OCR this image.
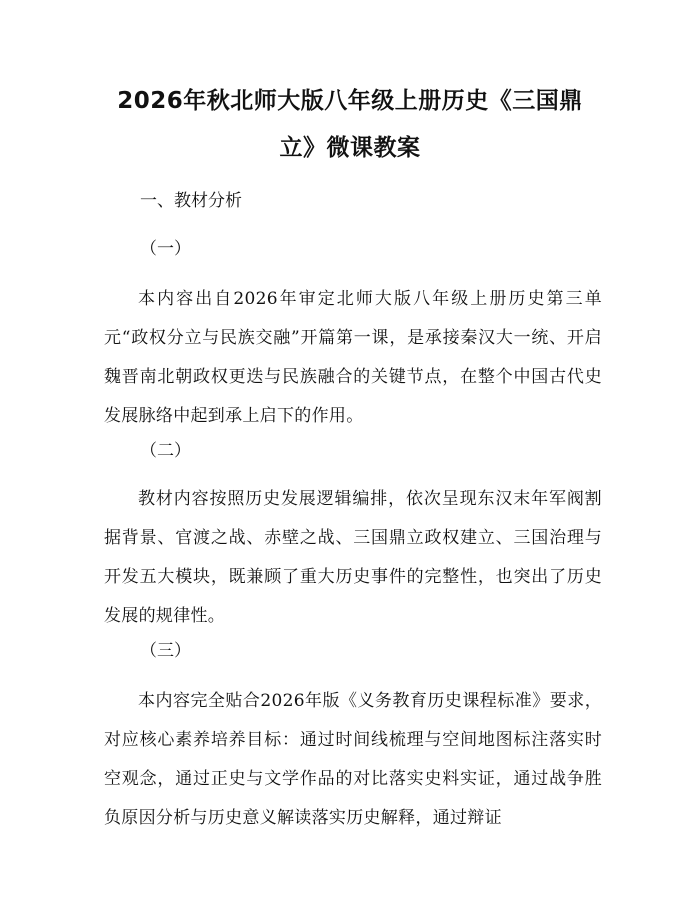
2026年秋北师大版八年级上册历史《三国鼎
立》微课教案
一、教材分析
（一）
本内容出自2026年审定北师大版八年级上册历史第三单元“政权分立与民族交融”开篇第一课，是承接秦汉大一统、开启魏晋南北朝政权更迭与民族融合的关键节点，在整个中国古代史发展脉络中起到承上启下的作用。
（二）
教材内容按照历史发展逻辑编排，依次呈现东汉末年军阀割据背景、官渡之战、赤壁之战、三国鼎立政权建立、三国治理与开发五大模块，既兼顾了重大历史事件的完整性，也突出了历史发展的规律性。
（三）
本内容完全贴合2026年版《义务教育历史课程标准》要求，对应核心素养培养目标：通过时间线梳理与空间地图标注落实时空观念，通过正史与文学作品的对比落实史料实证，通过战争胜负原因分析与历史意义解读落实历史解释，通过辩证
